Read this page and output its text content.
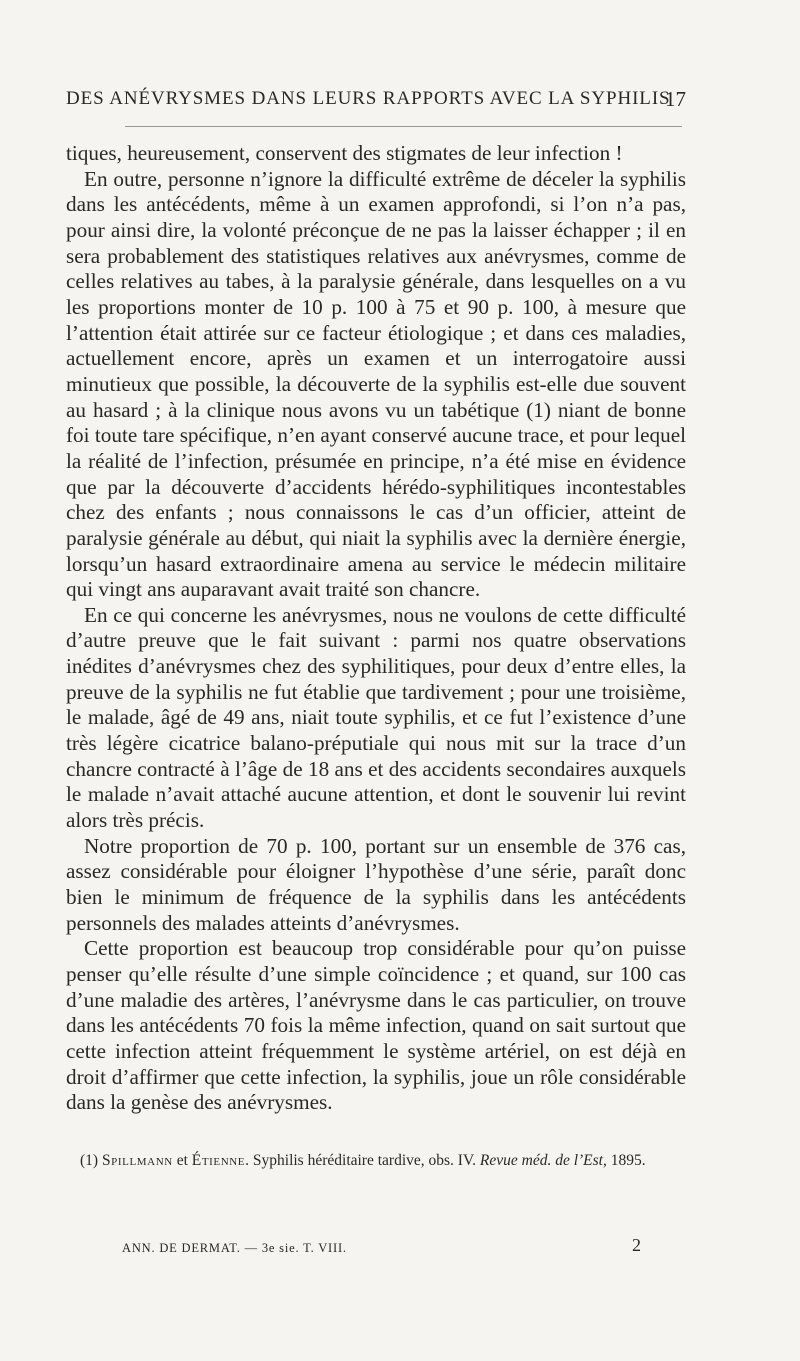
DES ANÉVRYSMES DANS LEURS RAPPORTS AVEC LA SYPHILIS
17

tiques, heureusement, conservent des stigmates de leur infection !

En outre, personne n’ignore la difficulté extrême de déceler la syphilis dans les antécédents, même à un examen approfondi, si l’on n’a pas, pour ainsi dire, la volonté préconçue de ne pas la laisser échapper ; il en sera probablement des statistiques relatives aux anévrysmes, comme de celles relatives au tabes, à la paralysie générale, dans lesquelles on a vu les proportions monter de 10 p. 100 à 75 et 90 p. 100, à mesure que l’attention était attirée sur ce facteur étiologique ; et dans ces maladies, actuellement encore, après un examen et un interrogatoire aussi minutieux que possible, la découverte de la syphilis est-elle due souvent au hasard ; à la clinique nous avons vu un tabétique (1) niant de bonne foi toute tare spécifique, n’en ayant conservé aucune trace, et pour lequel la réalité de l’infection, présumée en principe, n’a été mise en évidence que par la découverte d’accidents hérédo-syphilitiques incontestables chez des enfants ; nous connaissons le cas d’un officier, atteint de paralysie générale au début, qui niait la syphilis avec la dernière énergie, lorsqu’un hasard extraordinaire amena au service le médecin militaire qui vingt ans auparavant avait traité son chancre.

En ce qui concerne les anévrysmes, nous ne voulons de cette difficulté d’autre preuve que le fait suivant : parmi nos quatre observations inédites d’anévrysmes chez des syphilitiques, pour deux d’entre elles, la preuve de la syphilis ne fut établie que tardivement ; pour une troisième, le malade, âgé de 49 ans, niait toute syphilis, et ce fut l’existence d’une très légère cicatrice balano-préputiale qui nous mit sur la trace d’un chancre contracté à l’âge de 18 ans et des accidents secondaires auxquels le malade n’avait attaché aucune attention, et dont le souvenir lui revint alors très précis.

Notre proportion de 70 p. 100, portant sur un ensemble de 376 cas, assez considérable pour éloigner l’hypothèse d’une série, paraît donc bien le minimum de fréquence de la syphilis dans les antécédents personnels des malades atteints d’anévrysmes.

Cette proportion est beaucoup trop considérable pour qu’on puisse penser qu’elle résulte d’une simple coïncidence ; et quand, sur 100 cas d’une maladie des artères, l’anévrysme dans le cas particulier, on trouve dans les antécédents 70 fois la même infection, quand on sait surtout que cette infection atteint fréquemment le système artériel, on est déjà en droit d’affirmer que cette infection, la syphilis, joue un rôle considérable dans la genèse des anévrysmes.

(1) Spillmann et Étienne. Syphilis héréditaire tardive, obs. IV. Revue méd. de l’Est, 1895.
ANN. DE DERMAT. — 3e sie. T. VIII.	2
